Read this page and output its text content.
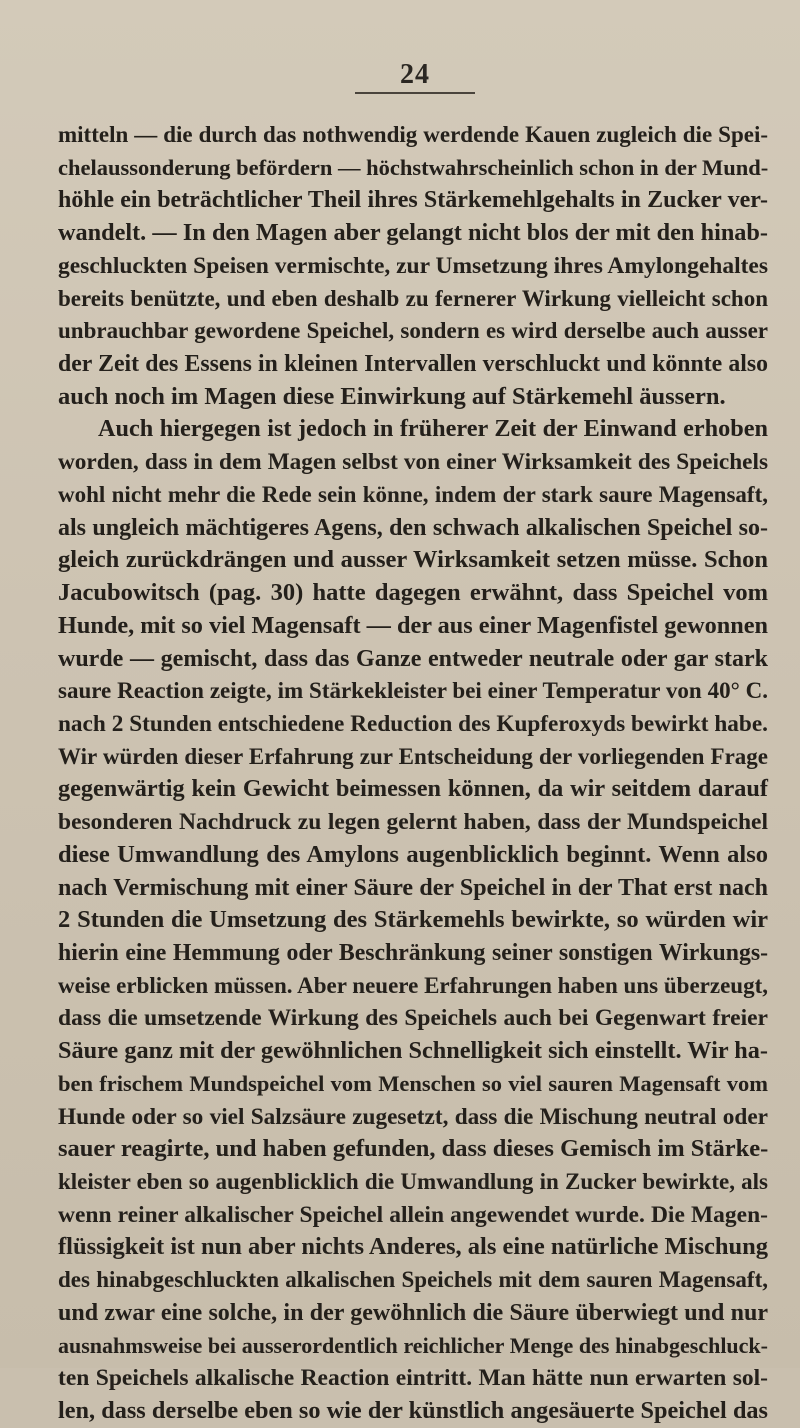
24
mitteln — die durch das nothwendig werdende Kauen zugleich die Spei-
chelaussonderung befördern — höchstwahrscheinlich schon in der Mund-
höhle ein beträchtlicher Theil ihres Stärkemehlgehalts in Zucker ver-
wandelt. — In den Magen aber gelangt nicht blos der mit den hinab-
geschluckten Speisen vermischte, zur Umsetzung ihres Amylongehaltes
bereits benützte, und eben deshalb zu fernerer Wirkung vielleicht schon
unbrauchbar gewordene Speichel, sondern es wird derselbe auch ausser
der Zeit des Essens in kleinen Intervallen verschluckt und könnte also
auch noch im Magen diese Einwirkung auf Stärkemehl äussern.
Auch hiergegen ist jedoch in früherer Zeit der Einwand erhoben
worden, dass in dem Magen selbst von einer Wirksamkeit des Speichels
wohl nicht mehr die Rede sein könne, indem der stark saure Magensaft,
als ungleich mächtigeres Agens, den schwach alkalischen Speichel so-
gleich zurückdrängen und ausser Wirksamkeit setzen müsse. Schon
Jacubowitsch (pag. 30) hatte dagegen erwähnt, dass Speichel vom
Hunde, mit so viel Magensaft — der aus einer Magenfistel gewonnen
wurde — gemischt, dass das Ganze entweder neutrale oder gar stark
saure Reaction zeigte, im Stärkekleister bei einer Temperatur von 40° C.
nach 2 Stunden entschiedene Reduction des Kupferoxyds bewirkt habe.
Wir würden dieser Erfahrung zur Entscheidung der vorliegenden Frage
gegenwärtig kein Gewicht beimessen können, da wir seitdem darauf
besonderen Nachdruck zu legen gelernt haben, dass der Mundspeichel
diese Umwandlung des Amylons augenblicklich beginnt. Wenn also
nach Vermischung mit einer Säure der Speichel in der That erst nach
2 Stunden die Umsetzung des Stärkemehls bewirkte, so würden wir
hierin eine Hemmung oder Beschränkung seiner sonstigen Wirkungs-
weise erblicken müssen. Aber neuere Erfahrungen haben uns überzeugt,
dass die umsetzende Wirkung des Speichels auch bei Gegenwart freier
Säure ganz mit der gewöhnlichen Schnelligkeit sich einstellt. Wir ha-
ben frischem Mundspeichel vom Menschen so viel sauren Magensaft vom
Hunde oder so viel Salzsäure zugesetzt, dass die Mischung neutral oder
sauer reagirte, und haben gefunden, dass dieses Gemisch im Stärke-
kleister eben so augenblicklich die Umwandlung in Zucker bewirkte, als
wenn reiner alkalischer Speichel allein angewendet wurde. Die Magen-
flüssigkeit ist nun aber nichts Anderes, als eine natürliche Mischung
des hinabgeschluckten alkalischen Speichels mit dem sauren Magensaft,
und zwar eine solche, in der gewöhnlich die Säure überwiegt und nur
ausnahmsweise bei ausserordentlich reichlicher Menge des hinabgeschluck-
ten Speichels alkalische Reaction eintritt. Man hätte nun erwarten sol-
len, dass derselbe eben so wie der künstlich angesäuerte Speichel das
